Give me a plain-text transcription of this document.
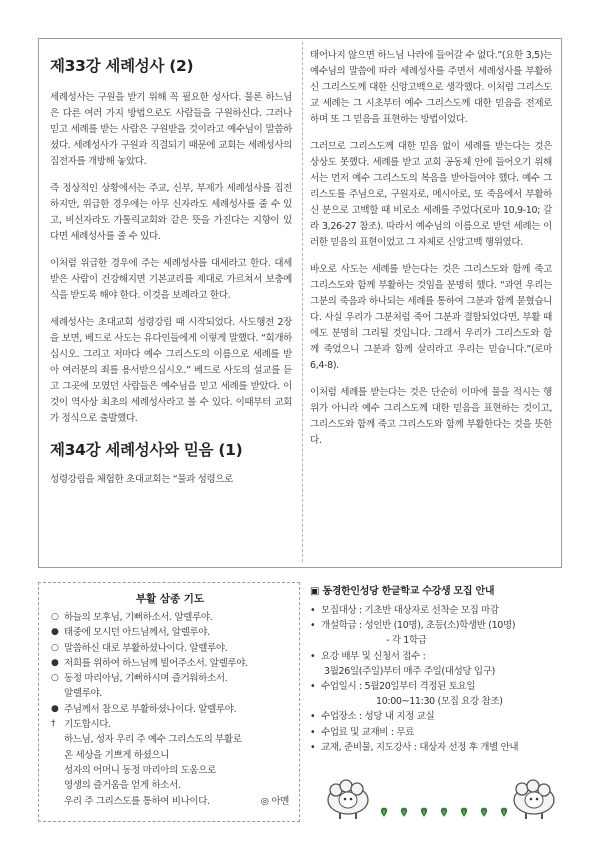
제33강 세례성사 (2)

세례성사는 구원을 받기 위해 꼭 필요한 성사다. 물론 하느님은 다른 여러 가지 방법으로도 사람들을 구원하신다. 그러나 믿고 세례를 받는 사람은 구원받을 것이라고 예수님이 말씀하셨다. 세례성사가 구원과 직결되기 때문에 교회는 세례성사의 집전자를 개방해 놓았다.

즉 정상적인 상황에서는 주교, 신부, 부제가 세례성사를 집전하지만, 위급한 경우에는 아무 신자라도 세례성사를 줄 수 있고, 비신자라도 가톨릭교회와 같은 뜻을 가진다는 지향이 있다면 세례성사를 줄 수 있다.

이처럼 위급한 경우에 주는 세례성사를 대세라고 한다. 대세 받은 사람이 건강해지면 기본교리를 제대로 가르쳐서 보충예식을 받도록 해야 한다. 이것을 보례라고 한다.

세례성사는 초대교회 성령강림 때 시작되었다. 사도행전 2장을 보면, 베드로 사도는 유다인들에게 이렇게 말했다. “회개하십시오. 그리고 저마다 예수 그리스도의 이름으로 세례를 받아 여러분의 죄를 용서받으십시오.” 베드로 사도의 설교를 듣고 그곳에 모였던 사람들은 예수님을 믿고 세례를 받았다. 이것이 역사상 최초의 세례성사라고 볼 수 있다. 이때부터 교회가 정식으로 출발했다.

제34강 세례성사와 믿음 (1)

성령강림을 체험한 초대교회는 “물과 성령으로

태어나지 않으면 하느님 나라에 들어갈 수 없다.”(요한 3,5)는 예수님의 말씀에 따라 세례성사를 주면서 세례성사를 부활하신 그리스도께 대한 신앙고백으로 생각했다. 이처럼 그리스도교 세례는 그 시초부터 예수 그리스도께 대한 믿음을 전제로 하며 또 그 믿음을 표현하는 방법이었다.

그러므로 그리스도께 대한 믿음 없이 세례를 받는다는 것은 상상도 못했다. 세례를 받고 교회 공동체 안에 들어오기 위해서는 먼저 예수 그리스도의 복음을 받아들여야 했다. 예수 그리스도를 주님으로, 구원자로, 메시아로, 또 죽음에서 부활하신 분으로 고백할 때 비로소 세례를 주었다(로마 10,9-10; 갈라 3,26-27 참조). 따라서 예수님의 이름으로 받던 세례는 이러한 믿음의 표현이었고 그 자체로 신앙고백 행위였다.

바오로 사도는 세례를 받는다는 것은 그리스도와 함께 죽고 그리스도와 함께 부활하는 것임을 분명히 했다. “과연 우리는 그분의 죽음과 하나되는 세례를 통하여 그분과 함께 묻혔습니다. 사실 우리가 그분처럼 죽어 그분과 결합되었다면, 부활 때에도 분명히 그리될 것입니다. 그래서 우리가 그리스도와 함께 죽었으니 그분과 함께 살리라고 우리는 믿습니다.”(로마 6,4-8).

이처럼 세례를 받는다는 것은 단순히 이마에 물을 적시는 행위가 아니라 예수 그리스도께 대한 믿음을 표현하는 것이고, 그리스도와 함께 죽고 그리스도와 함께 부활한다는 것을 뜻한다.

부활 삼종 기도
○ 하늘의 모후님, 기뻐하소서. 알렐루야.
● 태중에 모시던 아드님께서, 알렐루야.
○ 말씀하신 대로 부활하셨나이다. 알렐루야.
● 저희를 위하여 하느님께 빌어주소서. 알렐루야.
○ 동정 마리아님, 기뻐하시며 즐거워하소서.
알렐루야.
● 주님께서 참으로 부활하셨나이다. 알렐루야.
† 기도합시다.
하느님, 성자 우리 주 예수 그리스도의 부활로
온 세상을 기쁘게 하셨으니
성자의 어머니 동정 마리아의 도움으로
영생의 즐거움을 얻게 하소서.
우리 주 그리스도를 통하여 비나이다.	◎ 아멘
▣ 동경한인성당 한글학교 수강생 모집 안내
• 모집대상 : 기초반 대상자로 선착순 모집 마감
• 개설학급 : 성인반 (10명), 초등(소)학생반 (10명)
- 각 1학급
• 요강 배부 및 신청서 접수 :
3월26일(주일)부터 매주 주일(대성당 입구)
• 수업일시 : 5월20일부터 격정된 토요일
10:00~11:30 (모집 요강 참조)
• 수업장소 : 성당 내 지정 교실
• 수업료 및 교재비 : 무료
• 교재, 준비물, 지도강사 : 대상자 선정 후 개별 안내
